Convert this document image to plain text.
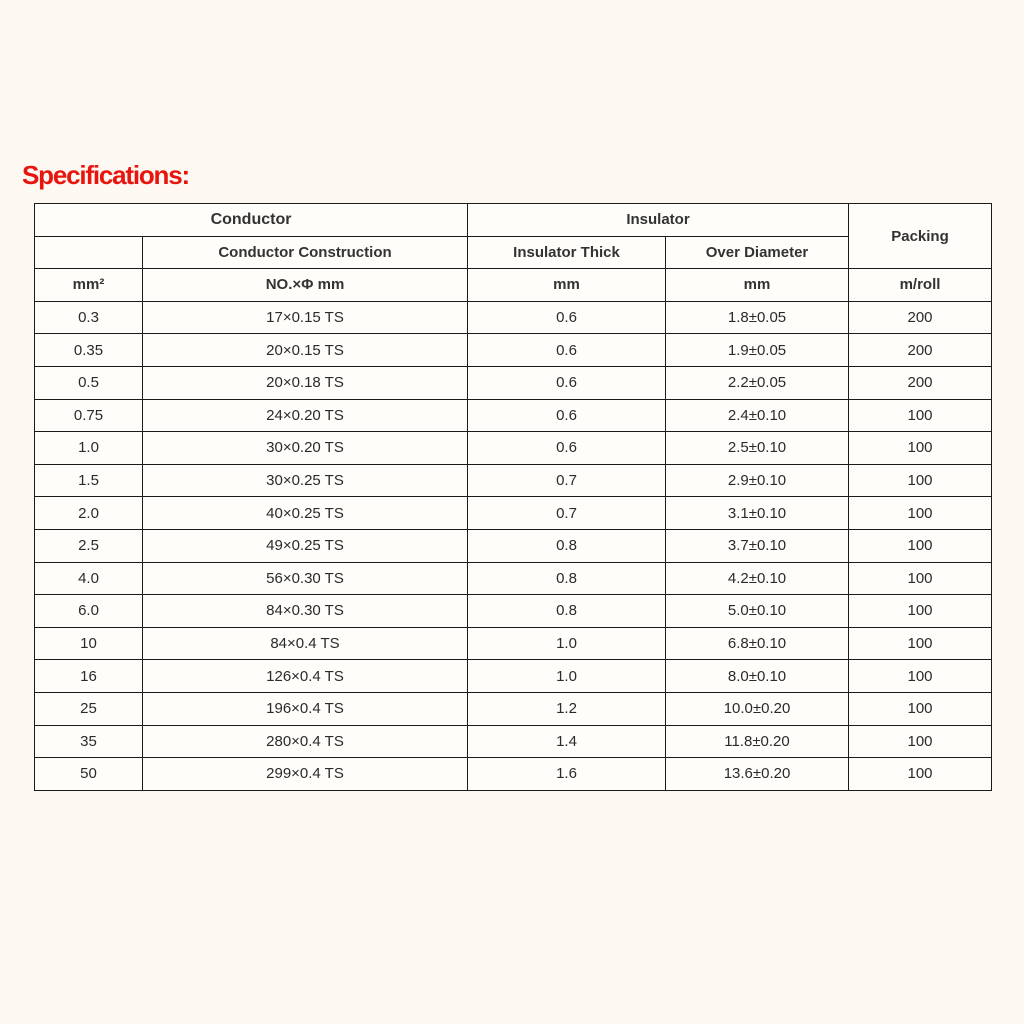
Specifications:
Conductor		Insulator		Packing
	Conductor Construction	Insulator Thick	Over Diameter	
mm²	NO.×Φ mm	mm	mm	m/roll
0.3	17×0.15 TS	0.6	1.8±0.05	200
0.35	20×0.15 TS	0.6	1.9±0.05	200
0.5	20×0.18 TS	0.6	2.2±0.05	200
0.75	24×0.20 TS	0.6	2.4±0.10	100
1.0	30×0.20 TS	0.6	2.5±0.10	100
1.5	30×0.25 TS	0.7	2.9±0.10	100
2.0	40×0.25 TS	0.7	3.1±0.10	100
2.5	49×0.25 TS	0.8	3.7±0.10	100
4.0	56×0.30 TS	0.8	4.2±0.10	100
6.0	84×0.30 TS	0.8	5.0±0.10	100
10	84×0.4 TS	1.0	6.8±0.10	100
16	126×0.4 TS	1.0	8.0±0.10	100
25	196×0.4 TS	1.2	10.0±0.20	100
35	280×0.4 TS	1.4	11.8±0.20	100
50	299×0.4 TS	1.6	13.6±0.20	100
